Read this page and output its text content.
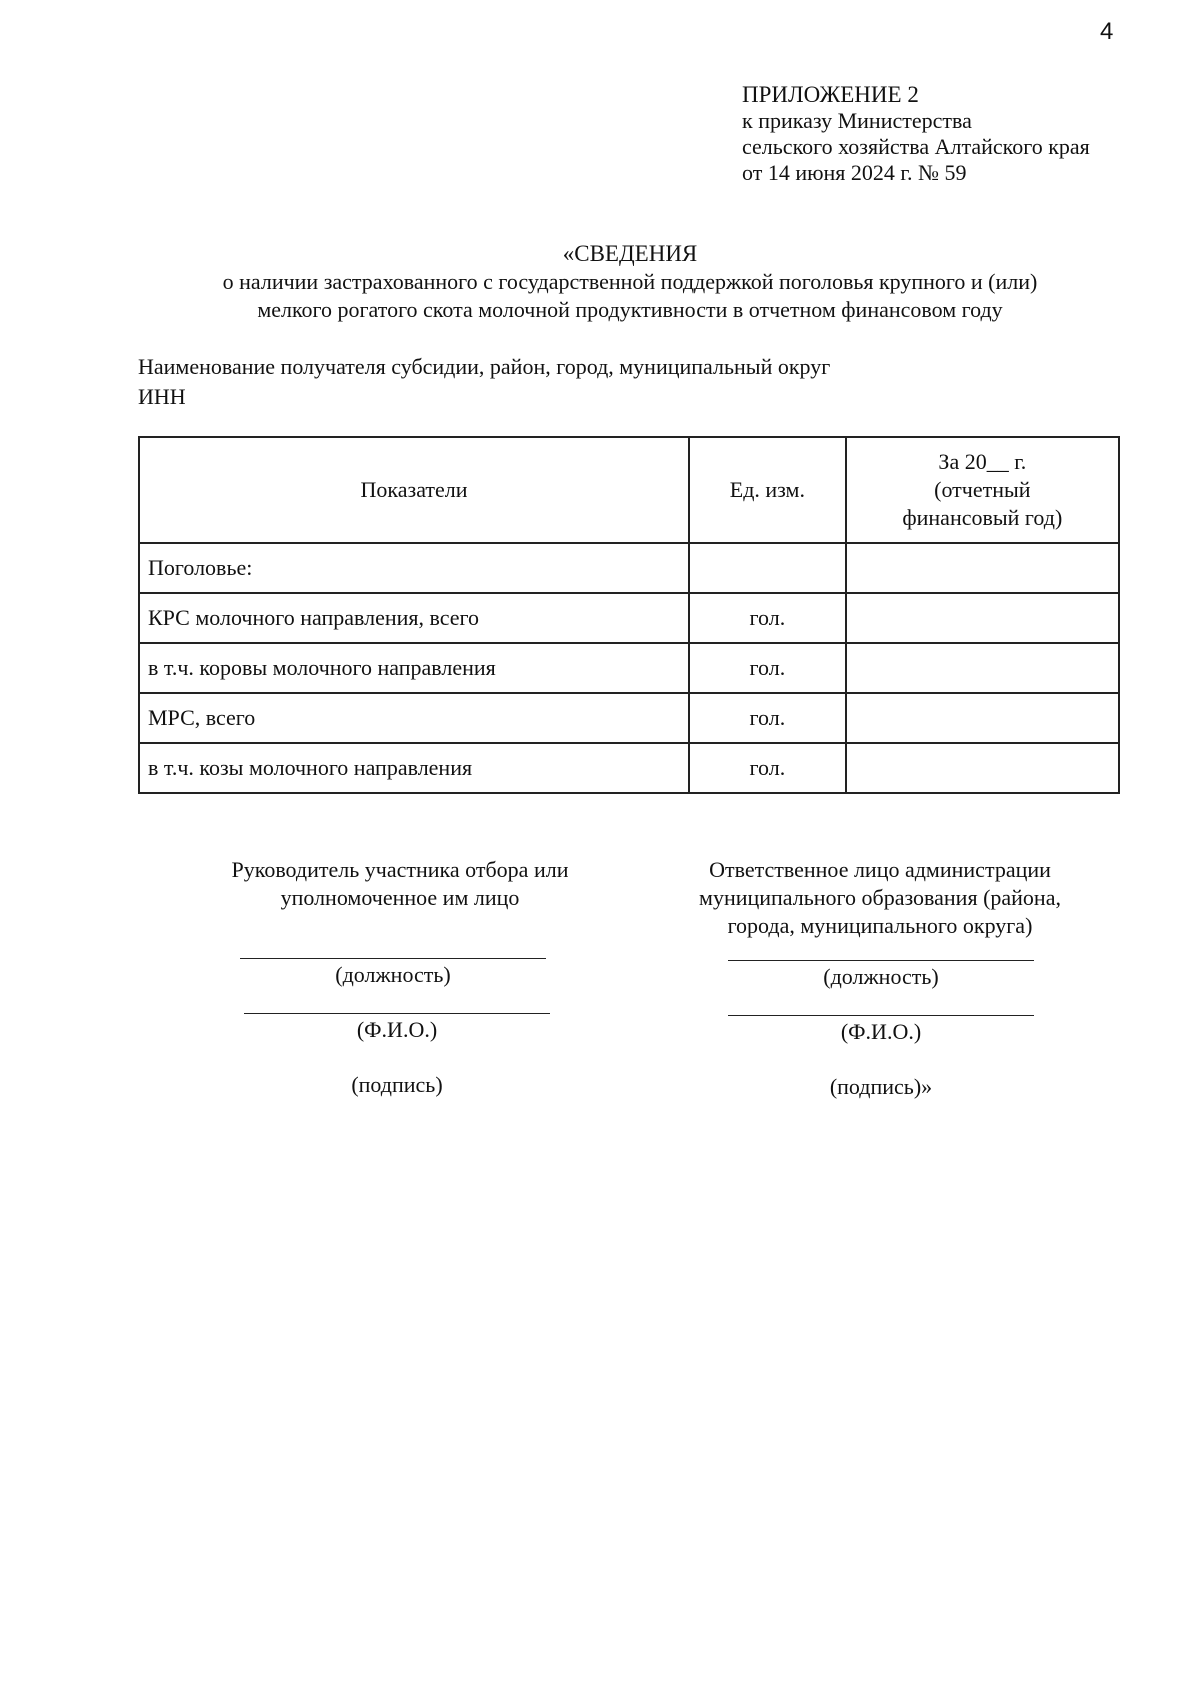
4
ПРИЛОЖЕНИЕ 2
к приказу Министерства
сельского хозяйства Алтайского края
от 14 июня 2024 г. № 59
«СВЕДЕНИЯ
о наличии застрахованного с государственной поддержкой поголовья крупного и (или)
мелкого рогатого скота молочной продуктивности в отчетном финансовом году
Наименование получателя субсидии, район, город, муниципальный округ
ИНН
Показатели	Ед. изм.	За 20__ г.
(отчетный
финансовый год)

Поголовье:		
КРС молочного направления, всего	гол.	
в т.ч. коровы молочного направления	гол.	
МРС, всего	гол.	
в т.ч. козы молочного направления	гол.	
Руководитель участника отбора или
уполномоченное им лицо
(должность)
(Ф.И.О.)
(подпись)
Ответственное лицо администрации
муниципального образования (района,
города, муниципального округа)
(должность)
(Ф.И.О.)
(подпись)»
